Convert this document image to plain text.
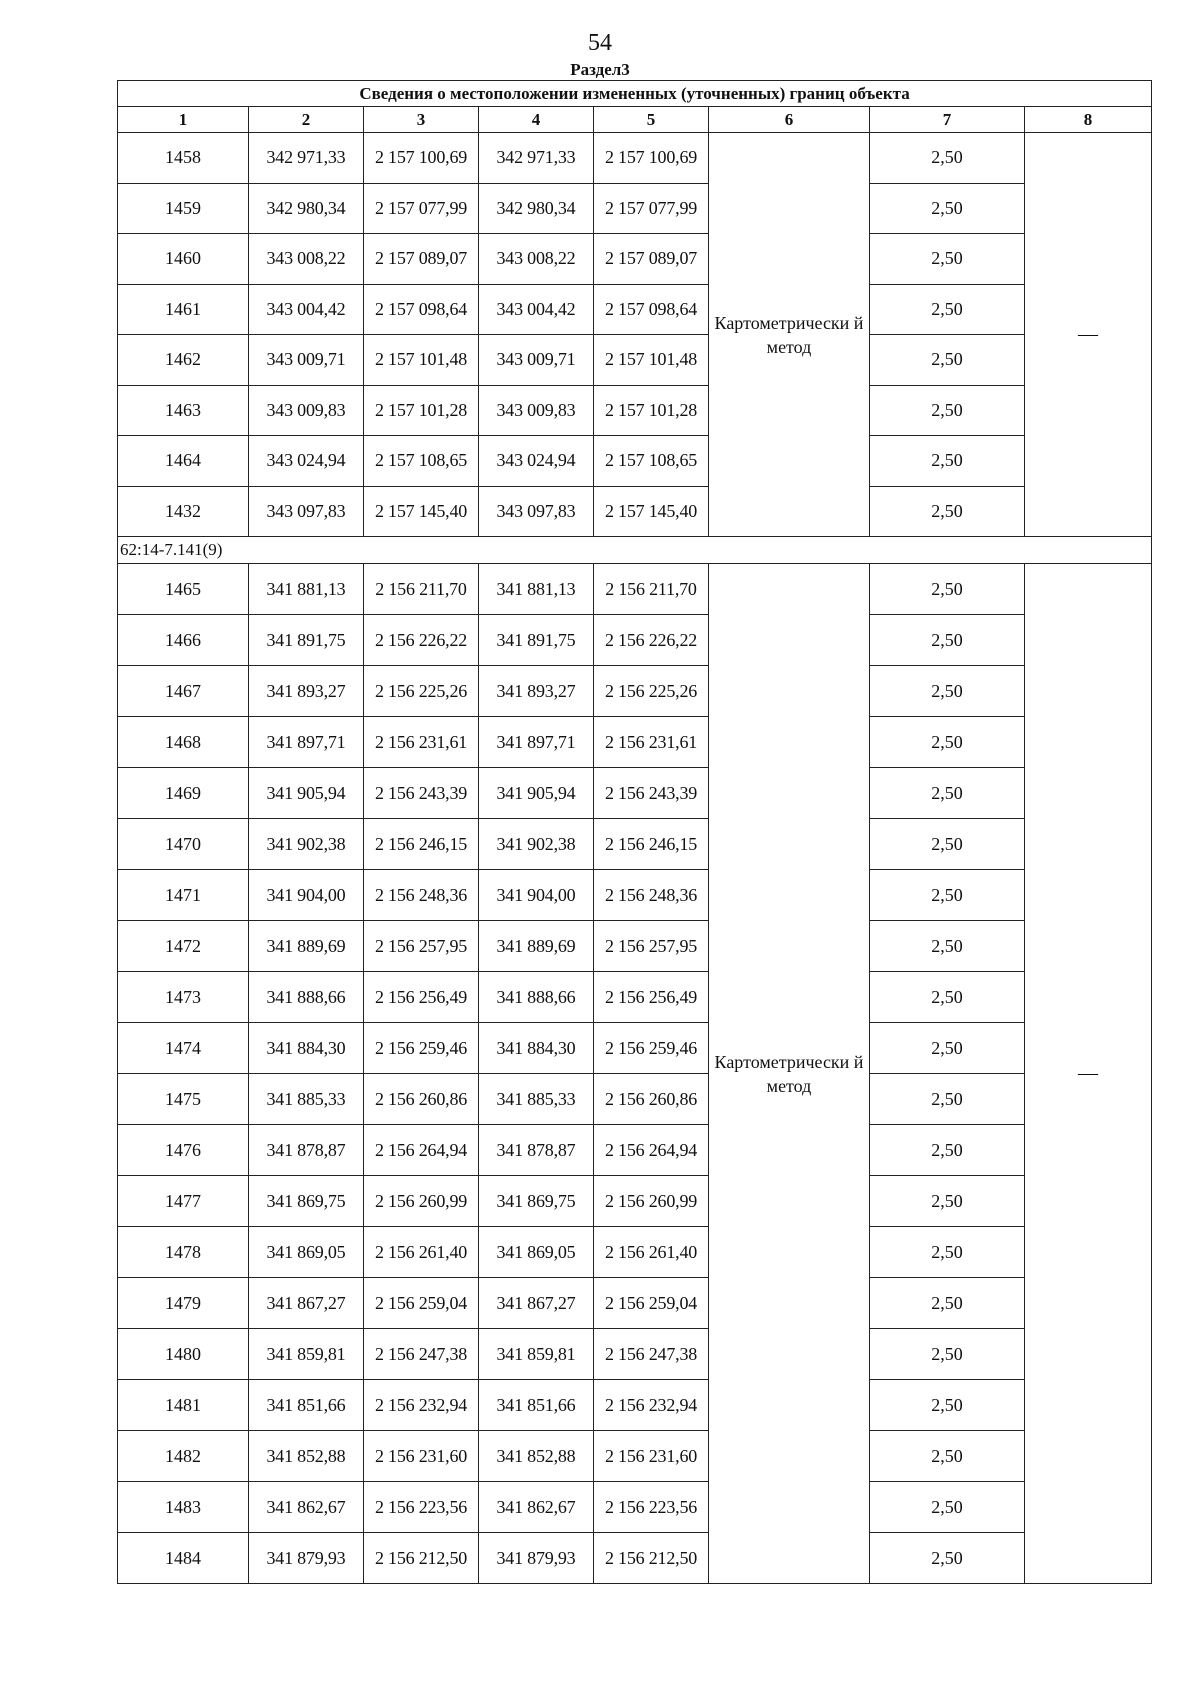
54
Раздел3
Сведения о местоположении измененных (уточненных) границ объекта							
1	2	3	4	5	6	7	8
1458	342 971,33	2 157 100,69	342 971,33	2 157 100,69	Картометрически й метод	2,50	—
1459	342 980,34	2 157 077,99	342 980,34	2 157 077,99		2,50	
1460	343 008,22	2 157 089,07	343 008,22	2 157 089,07		2,50	
1461	343 004,42	2 157 098,64	343 004,42	2 157 098,64		2,50	
1462	343 009,71	2 157 101,48	343 009,71	2 157 101,48		2,50	
1463	343 009,83	2 157 101,28	343 009,83	2 157 101,28		2,50	
1464	343 024,94	2 157 108,65	343 024,94	2 157 108,65		2,50	
1432	343 097,83	2 157 145,40	343 097,83	2 157 145,40		2,50	
62:14-7.141(9)							
1465	341 881,13	2 156 211,70	341 881,13	2 156 211,70	Картометрически й метод	2,50	—
1466	341 891,75	2 156 226,22	341 891,75	2 156 226,22		2,50	
1467	341 893,27	2 156 225,26	341 893,27	2 156 225,26		2,50	
1468	341 897,71	2 156 231,61	341 897,71	2 156 231,61		2,50	
1469	341 905,94	2 156 243,39	341 905,94	2 156 243,39		2,50	
1470	341 902,38	2 156 246,15	341 902,38	2 156 246,15		2,50	
1471	341 904,00	2 156 248,36	341 904,00	2 156 248,36		2,50	
1472	341 889,69	2 156 257,95	341 889,69	2 156 257,95		2,50	
1473	341 888,66	2 156 256,49	341 888,66	2 156 256,49		2,50	
1474	341 884,30	2 156 259,46	341 884,30	2 156 259,46		2,50	
1475	341 885,33	2 156 260,86	341 885,33	2 156 260,86		2,50	
1476	341 878,87	2 156 264,94	341 878,87	2 156 264,94		2,50	
1477	341 869,75	2 156 260,99	341 869,75	2 156 260,99		2,50	
1478	341 869,05	2 156 261,40	341 869,05	2 156 261,40		2,50	
1479	341 867,27	2 156 259,04	341 867,27	2 156 259,04		2,50	
1480	341 859,81	2 156 247,38	341 859,81	2 156 247,38		2,50	
1481	341 851,66	2 156 232,94	341 851,66	2 156 232,94		2,50	
1482	341 852,88	2 156 231,60	341 852,88	2 156 231,60		2,50	
1483	341 862,67	2 156 223,56	341 862,67	2 156 223,56		2,50	
1484	341 879,93	2 156 212,50	341 879,93	2 156 212,50		2,50	
